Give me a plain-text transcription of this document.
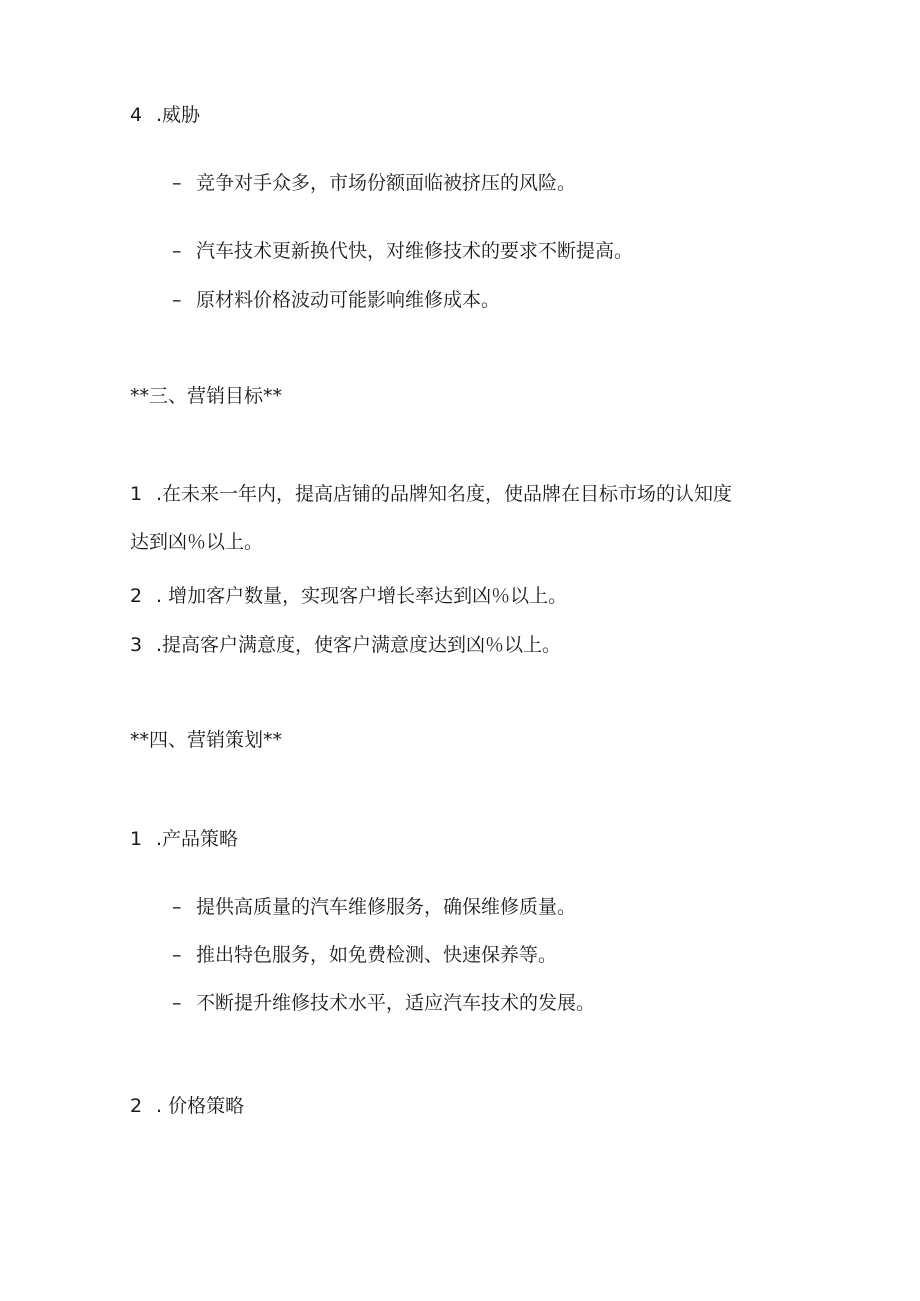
4 .威胁
– 竞争对手众多，市场份额面临被挤压的风险。
– 汽车技术更新换代快，对维修技术的要求不断提高。
– 原材料价格波动可能影响维修成本。
**三、营销目标**
1 .在未来一年内，提高店铺的品牌知名度，使品牌在目标市场的认知度
达到凶％以上。
2 . 增加客户数量，实现客户增长率达到凶％以上。
3 .提高客户满意度，使客户满意度达到凶％以上。
**四、营销策划**
1 .产品策略
– 提供高质量的汽车维修服务，确保维修质量。
– 推出特色服务，如免费检测、快速保养等。
– 不断提升维修技术水平，适应汽车技术的发展。
2 . 价格策略
